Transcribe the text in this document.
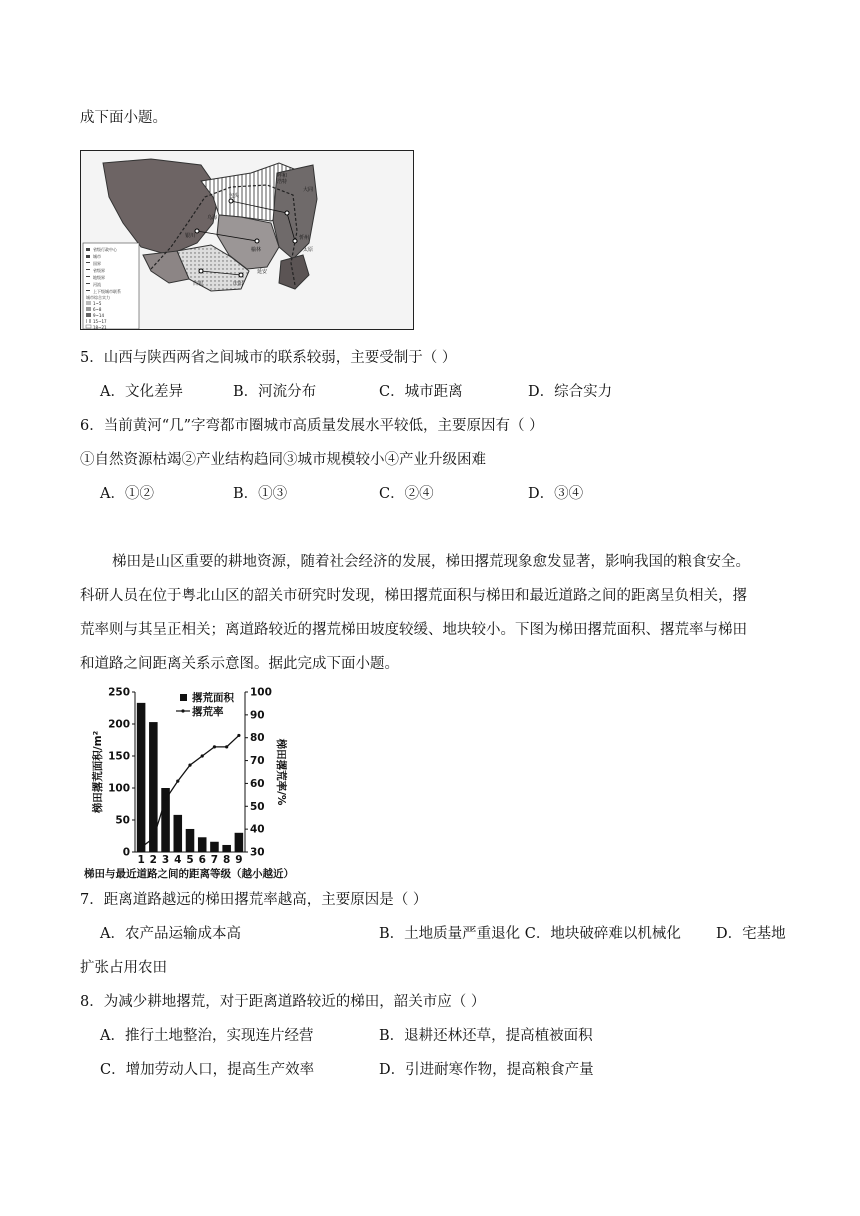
成下面小题。
省级行政中心
城市
国界
省级界
地级界
河流
上下级城市联系
城市综合实力
1~5
6~8
9~14
15~17
18~21
呼和
浩特
包头
银川
榆林
忻州
太原
白银	庆阳
延安
乌海
大同
5．山西与陕西两省之间城市的联系较弱，主要受制于（ ）
A．文化差异	B．河流分布	C．城市距离	D．综合实力
6．当前黄河“几”字弯都市圈城市高质量发展水平较低，主要原因有（ ）
①自然资源枯竭②产业结构趋同③城市规模较小④产业升级困难
A．①②	B．①③	C．②④	D．③④
梯田是山区重要的耕地资源，随着社会经济的发展，梯田撂荒现象愈发显著，影响我国的粮食安全。
科研人员在位于粤北山区的韶关市研究时发现，梯田撂荒面积与梯田和最近道路之间的距离呈负相关，撂
荒率则与其呈正相关；离道路较近的撂荒梯田坡度较缓、地块较小。下图为梯田撂荒面积、撂荒率与梯田
和道路之间距离关系示意图。据此完成下面小题。
0
50
100
150
200
250
30
40
50
60
70
80
90
100
1 2 3 4 5 6 7 8 9
撂荒面积
撂荒率
梯田撂荒面积/m²	梯田撂荒率/%
梯田与最近道路之间的距离等级（越小越近）
7．距离道路越远的梯田撂荒率越高，主要原因是（ ）
A．农产品运输成本高	B．土地质量严重退化 C．地块破碎难以机械化 D．宅基地
扩张占用农田
8．为减少耕地撂荒，对于距离道路较近的梯田，韶关市应（ ）
A．推行土地整治，实现连片经营	B．退耕还林还草，提高植被面积
C．增加劳动人口，提高生产效率	D．引进耐寒作物，提高粮食产量
